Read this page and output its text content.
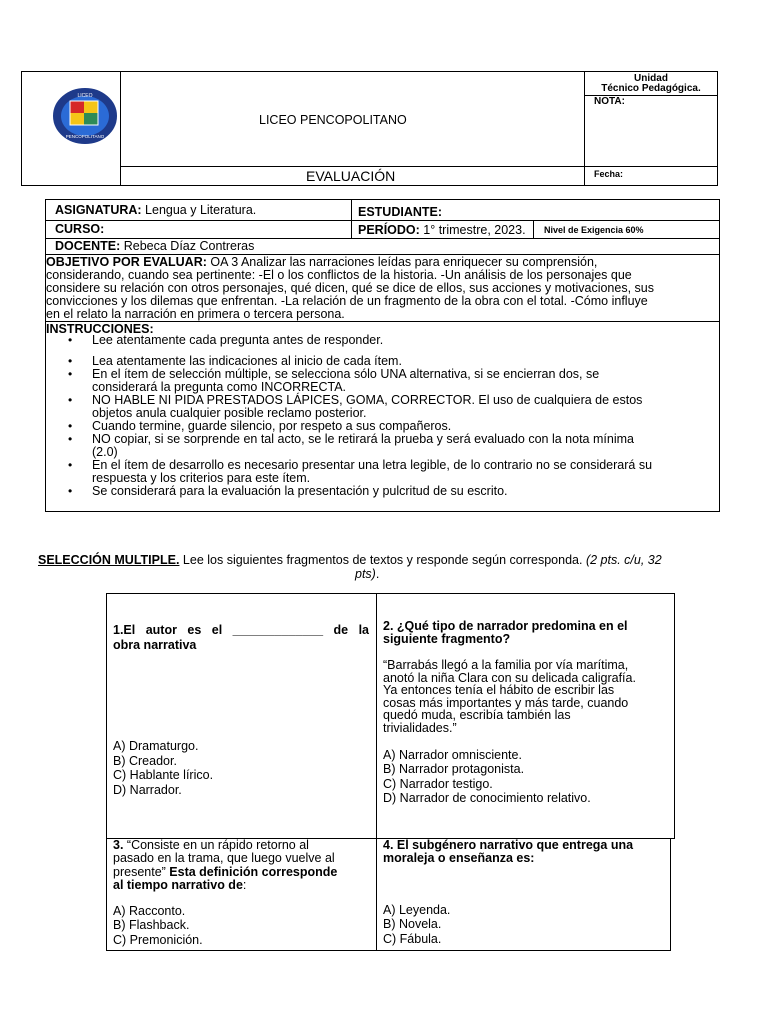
LICEO
PENCOPOLITANO
LICEO PENCOPOLITANO
EVALUACIÓN
Unidad
Técnico Pedagógica.
NOTA:
Fecha:
ASIGNATURA: Lengua y Literatura.	ESTUDIANTE:
CURSO:	PERÍODO: 1° trimestre, 2023. Nivel de Exigencia 60%
DOCENTE: Rebeca Díaz Contreras
OBJETIVO POR EVALUAR: OA 3 Analizar las narraciones leídas para enriquecer su comprensión,
considerando, cuando sea pertinente: -El o los conflictos de la historia. -Un análisis de los personajes que
considere su relación con otros personajes, qué dicen, qué se dice de ellos, sus acciones y motivaciones, sus
convicciones y los dilemas que enfrentan. -La relación de un fragmento de la obra con el total. -Cómo influye
en el relato la narración en primera o tercera persona.
INSTRUCCIONES:
• Lee atentamente cada pregunta antes de responder.
• Lea atentamente las indicaciones al inicio de cada ítem.
• En el ítem de selección múltiple, se selecciona sólo UNA alternativa, si se encierran dos, se
considerará la pregunta como INCORRECTA.
• NO HABLE NI PIDA PRESTADOS LÁPICES, GOMA, CORRECTOR. El uso de cualquiera de estos
objetos anula cualquier posible reclamo posterior.
• Cuando termine, guarde silencio, por respeto a sus compañeros.
• NO copiar, si se sorprende en tal acto, se le retirará la prueba y será evaluado con la nota mínima
(2.0)
• En el ítem de desarrollo es necesario presentar una letra legible, de lo contrario no se considerará su
respuesta y los criterios para este ítem.
• Se considerará para la evaluación la presentación y pulcritud de su escrito.
SELECCIÓN MULTIPLE. Lee los siguientes fragmentos de textos y responde según corresponda. (2 pts. c/u, 32
pts).
1.El autor es el _____________ de la
obra narrativa
A) Dramaturgo.
B) Creador.
C) Hablante lírico.
D) Narrador.
2. ¿Qué tipo de narrador predomina en el
siguiente fragmento?
“Barrabás llegó a la familia por vía marítima,
anotó la niña Clara con su delicada caligrafía.
Ya entonces tenía el hábito de escribir las
cosas más importantes y más tarde, cuando
quedó muda, escribía también las
trivialidades.”
A) Narrador omnisciente.
B) Narrador protagonista.
C) Narrador testigo.
D) Narrador de conocimiento relativo.
3. “Consiste en un rápido retorno al
pasado en la trama, que luego vuelve al
presente” Esta definición corresponde
al tiempo narrativo de:
A) Racconto.
B) Flashback.
C) Premonición.
4. El subgénero narrativo que entrega una
moraleja o enseñanza es:
A) Leyenda.
B) Novela.
C) Fábula.
